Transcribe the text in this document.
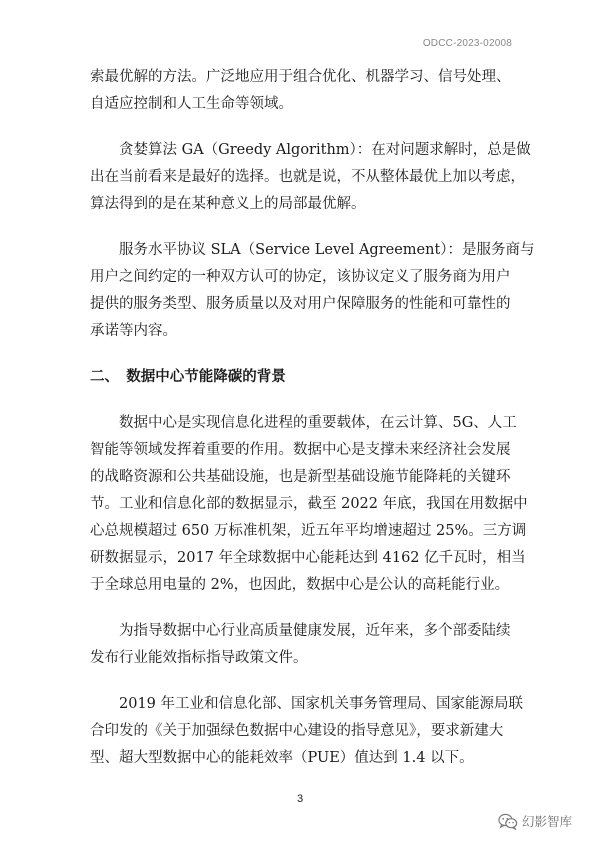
ODCC-2023-02008

索最优解的方法。广泛地应用于组合优化、机器学习、信号处理、
自适应控制和人工生命等领域。

　　贪婪算法 GA（Greedy Algorithm）：在对问题求解时，总是做
出在当前看来是最好的选择。也就是说，不从整体最优上加以考虑，
算法得到的是在某种意义上的局部最优解。

　　服务水平协议 SLA（Service Level Agreement）：是服务商与
用户之间约定的一种双方认可的协定，该协议定义了服务商为用户
提供的服务类型、服务质量以及对用户保障服务的性能和可靠性的
承诺等内容。

二、　数据中心节能降碳的背景

　　数据中心是实现信息化进程的重要载体，在云计算、5G、人工
智能等领域发挥着重要的作用。数据中心是支撑未来经济社会发展
的战略资源和公共基础设施，也是新型基础设施节能降耗的关键环
节。工业和信息化部的数据显示，截至 2022 年底，我国在用数据中
心总规模超过 650 万标准机架，近五年平均增速超过 25%。三方调
研数据显示，2017 年全球数据中心能耗达到 4162 亿千瓦时，相当
于全球总用电量的 2%，也因此，数据中心是公认的高耗能行业。

　　为指导数据中心行业高质量健康发展，近年来，多个部委陆续
发布行业能效指标指导政策文件。

　　2019 年工业和信息化部、国家机关事务管理局、国家能源局联
合印发的《关于加强绿色数据中心建设的指导意见》，要求新建大
型、超大型数据中心的能耗效率（PUE）值达到 1.4 以下。

3
幻影智库
